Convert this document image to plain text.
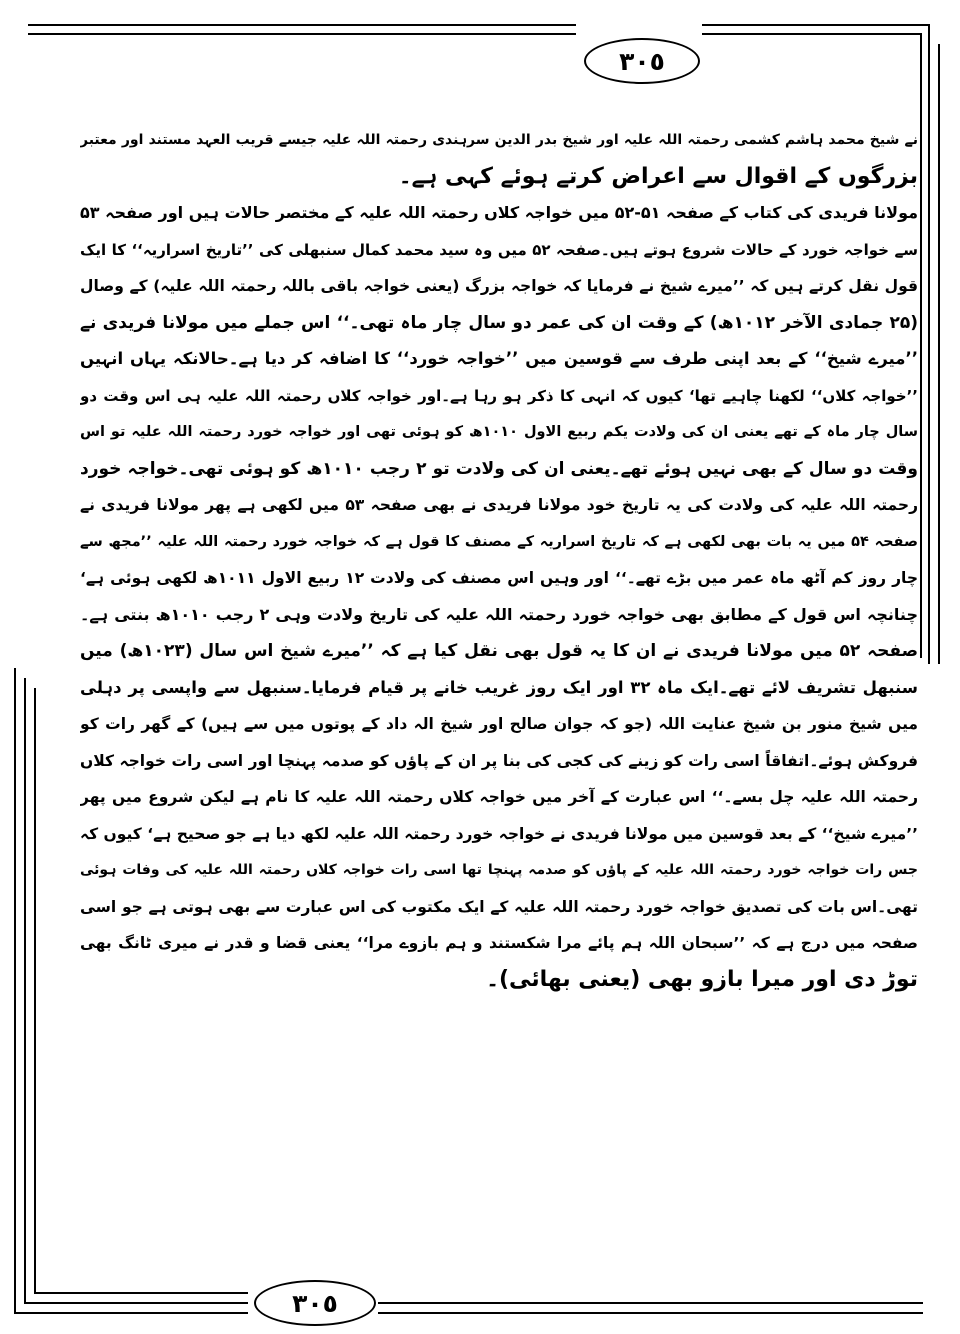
٣٠٥
٣٠٥
نے شیخ محمد ہاشم کشمی رحمتہ اللہ علیہ اور شیخ بدر الدین سرہندی رحمتہ اللہ علیہ جیسے قریب العہد مستند اور معتبر
بزرگوں کے اقوال سے اعراض کرتے ہوئے کہی ہے۔
مولانا فریدی کی کتاب کے صفحہ ۵۱-۵۲ میں خواجہ کلاں رحمتہ اللہ علیہ کے مختصر حالات ہیں اور صفحہ ۵۳
سے خواجہ خورد کے حالات شروع ہوتے ہیں۔صفحہ ۵۲ میں وہ سید محمد کمال سنبھلی کی ’’تاریخ اسراریہ‘‘ کا ایک
قول نقل کرتے ہیں کہ ’’میرے شیخ نے فرمایا کہ خواجہ بزرگ (یعنی خواجہ باقی باللہ رحمتہ اللہ علیہ) کے وصال
(۲۵ جمادی الآخر ۱۰۱۲ھ) کے وقت ان کی عمر دو سال چار ماہ تھی۔‘‘ اس جملے میں مولانا فریدی نے
’’میرے شیخ‘‘ کے بعد اپنی طرف سے قوسین میں ’’خواجہ خورد‘‘ کا اضافہ کر دیا ہے۔حالانکہ یہاں انہیں
’’خواجہ کلاں‘‘ لکھنا چاہیے تھا‘ کیوں کہ انہی کا ذکر ہو رہا ہے۔اور خواجہ کلاں رحمتہ اللہ علیہ ہی اس وقت دو
سال چار ماہ کے تھے یعنی ان کی ولادت یکم ربیع الاول ۱۰۱۰ھ کو ہوئی تھی اور خواجہ خورد رحمتہ اللہ علیہ تو اس
وقت دو سال کے بھی نہیں ہوئے تھے۔یعنی ان کی ولادت تو ۲ رجب ۱۰۱۰ھ کو ہوئی تھی۔خواجہ خورد
رحمتہ اللہ علیہ کی ولادت کی یہ تاریخ خود مولانا فریدی نے بھی صفحہ ۵۳ میں لکھی ہے پھر مولانا فریدی نے
صفحہ ۵۴ میں یہ بات بھی لکھی ہے کہ تاریخ اسراریہ کے مصنف کا قول ہے کہ خواجہ خورد رحمتہ اللہ علیہ ’’مجھ سے
چار روز کم آٹھ ماہ عمر میں بڑے تھے۔‘‘ اور وہیں اس مصنف کی ولادت ۱۲ ربیع الاول ۱۰۱۱ھ لکھی ہوئی ہے‘
چنانچہ اس قول کے مطابق بھی خواجہ خورد رحمتہ اللہ علیہ کی تاریخ ولادت وہی ۲ رجب ۱۰۱۰ھ بنتی ہے۔
صفحہ ۵۲ میں مولانا فریدی نے ان کا یہ قول بھی نقل کیا ہے کہ ’’میرے شیخ اس سال (۱۰۲۳ھ) میں
سنبھل تشریف لائے تھے۔ایک ماہ ۳۲ اور ایک روز غریب خانے پر قیام فرمایا۔سنبھل سے واپسی پر دہلی
میں شیخ منور بن شیخ عنایت اللہ (جو کہ جوان صالح اور شیخ الہ داد کے پوتوں میں سے ہیں) کے گھر رات کو
فروکش ہوئے۔اتفاقاً اسی رات کو زینے کی کجی کی بنا پر ان کے پاؤں کو صدمہ پہنچا اور اسی رات خواجہ کلاں
رحمتہ اللہ علیہ چل بسے۔‘‘ اس عبارت کے آخر میں خواجہ کلاں رحمتہ اللہ علیہ کا نام ہے لیکن شروع میں پھر
’’میرے شیخ‘‘ کے بعد قوسین میں مولانا فریدی نے خواجہ خورد رحمتہ اللہ علیہ لکھ دیا ہے جو صحیح ہے‘ کیوں کہ
جس رات خواجہ خورد رحمتہ اللہ علیہ کے پاؤں کو صدمہ پہنچا تھا اسی رات خواجہ کلاں رحمتہ اللہ علیہ کی وفات ہوئی
تھی۔اس بات کی تصدیق خواجہ خورد رحمتہ اللہ علیہ کے ایک مکتوب کی اس عبارت سے بھی ہوتی ہے جو اسی
صفحہ میں درج ہے کہ ’’سبحان اللہ ہم پائے مرا شکستند و ہم بازوے مرا‘‘ یعنی قضا و قدر نے میری ٹانگ بھی
توڑ دی اور میرا بازو بھی (یعنی بھائی)۔
